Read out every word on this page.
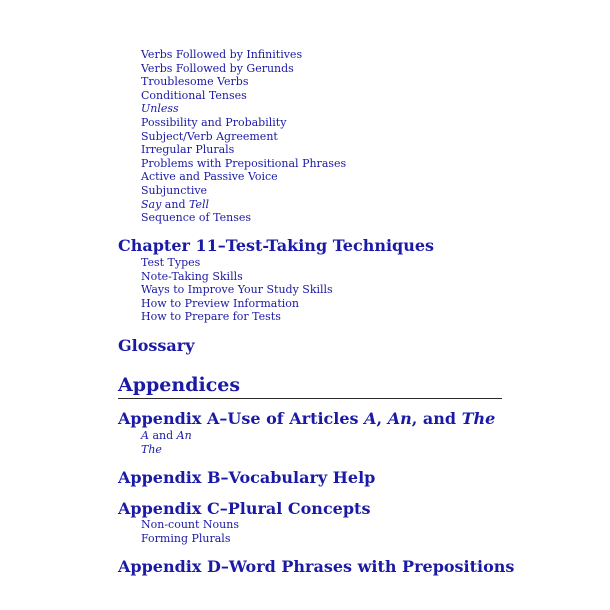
Verbs Followed by Infinitives
Verbs Followed by Gerunds
Troublesome Verbs
Conditional Tenses
Unless
Possibility and Probability
Subject/Verb Agreement
Irregular Plurals
Problems with Prepositional Phrases
Active and Passive Voice
Subjunctive
Say and Tell
Sequence of Tenses
Chapter 11–Test-Taking Techniques
Test Types
Note-Taking Skills
Ways to Improve Your Study Skills
How to Preview Information
How to Prepare for Tests
Glossary
Appendices
Appendix A–Use of Articles A, An, and The
A and An
The
Appendix B–Vocabulary Help
Appendix C–Plural Concepts
Non-count Nouns
Forming Plurals
Appendix D–Word Phrases with Prepositions
